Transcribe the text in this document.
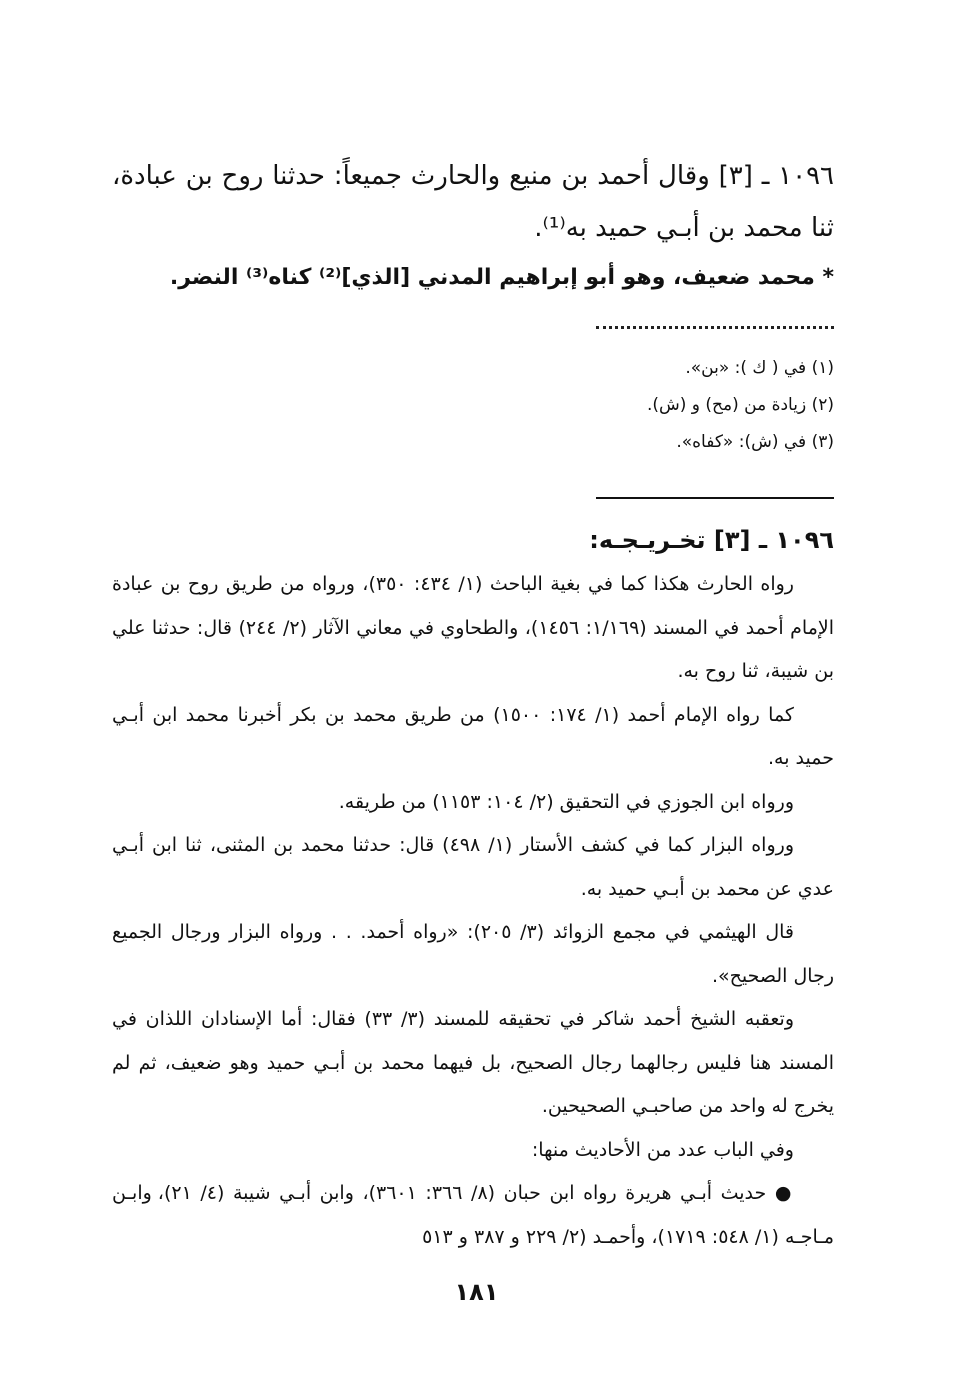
١٠٩٦ ـ [٣] وقال أحمد بن منيع والحارث جميعاً: حدثنا روح بن عبادة، ثنا محمد بن أبـي حميد به⁽¹⁾.
* محمد ضعيف، وهو أبو إبراهيم المدني [الذي]⁽²⁾ كناه⁽³⁾ النضر.
(١) في ( ك ): «بن».
(٢) زيادة من (مح) و (ش).
(٣) في (ش): «كفاه».
١٠٩٦ ـ [٣] تخـريـجـه:

رواه الحارث هكذا كما في بغية الباحث (١/ ٤٣٤: ٣٥٠)، ورواه من طريق روح بن عبادة الإمام أحمد في المسند (١/١٦٩: ١٤٥٦)، والطحاوي في معاني الآثار (٢/ ٢٤٤) قال: حدثنا علي بن شيبة، ثنا روح به.

كما رواه الإمام أحمد (١/ ١٧٤: ١٥٠٠) من طريق محمد بن بكر أخبرنا محمد ابن أبـي حميد به.

ورواه ابن الجوزي في التحقيق (٢/ ١٠٤: ١١٥٣) من طريقه.

ورواه البزار كما في كشف الأستار (١/ ٤٩٨) قال: حدثنا محمد بن المثنى، ثنا ابن أبـي عدي عن محمد بن أبـي حميد به.

قال الهيثمي في مجمع الزوائد (٣/ ٢٠٥): «رواه أحمد. . . ورواه البزار ورجال الجميع رجال الصحيح».

وتعقبه الشيخ أحمد شاكر في تحقيقه للمسند (٣/ ٣٣) فقال: أما الإسنادان اللذان في المسند هنا فليس رجالهما رجال الصحيح، بل فيهما محمد بن أبـي حميد وهو ضعيف، ثم لم يخرج له واحد من صاحبـي الصحيحين.

وفي الباب عدد من الأحاديث منها:

● حديث أبـي هريرة رواه ابن حبان (٨/ ٣٦٦: ٣٦٠١)، وابن أبـي شيبة (٤/ ٢١)، وابـن مـاجـه (١/ ٥٤٨: ١٧١٩)، وأحمـد (٢/ ٢٢٩ و ٣٨٧ و ٥١٣

١٨١
